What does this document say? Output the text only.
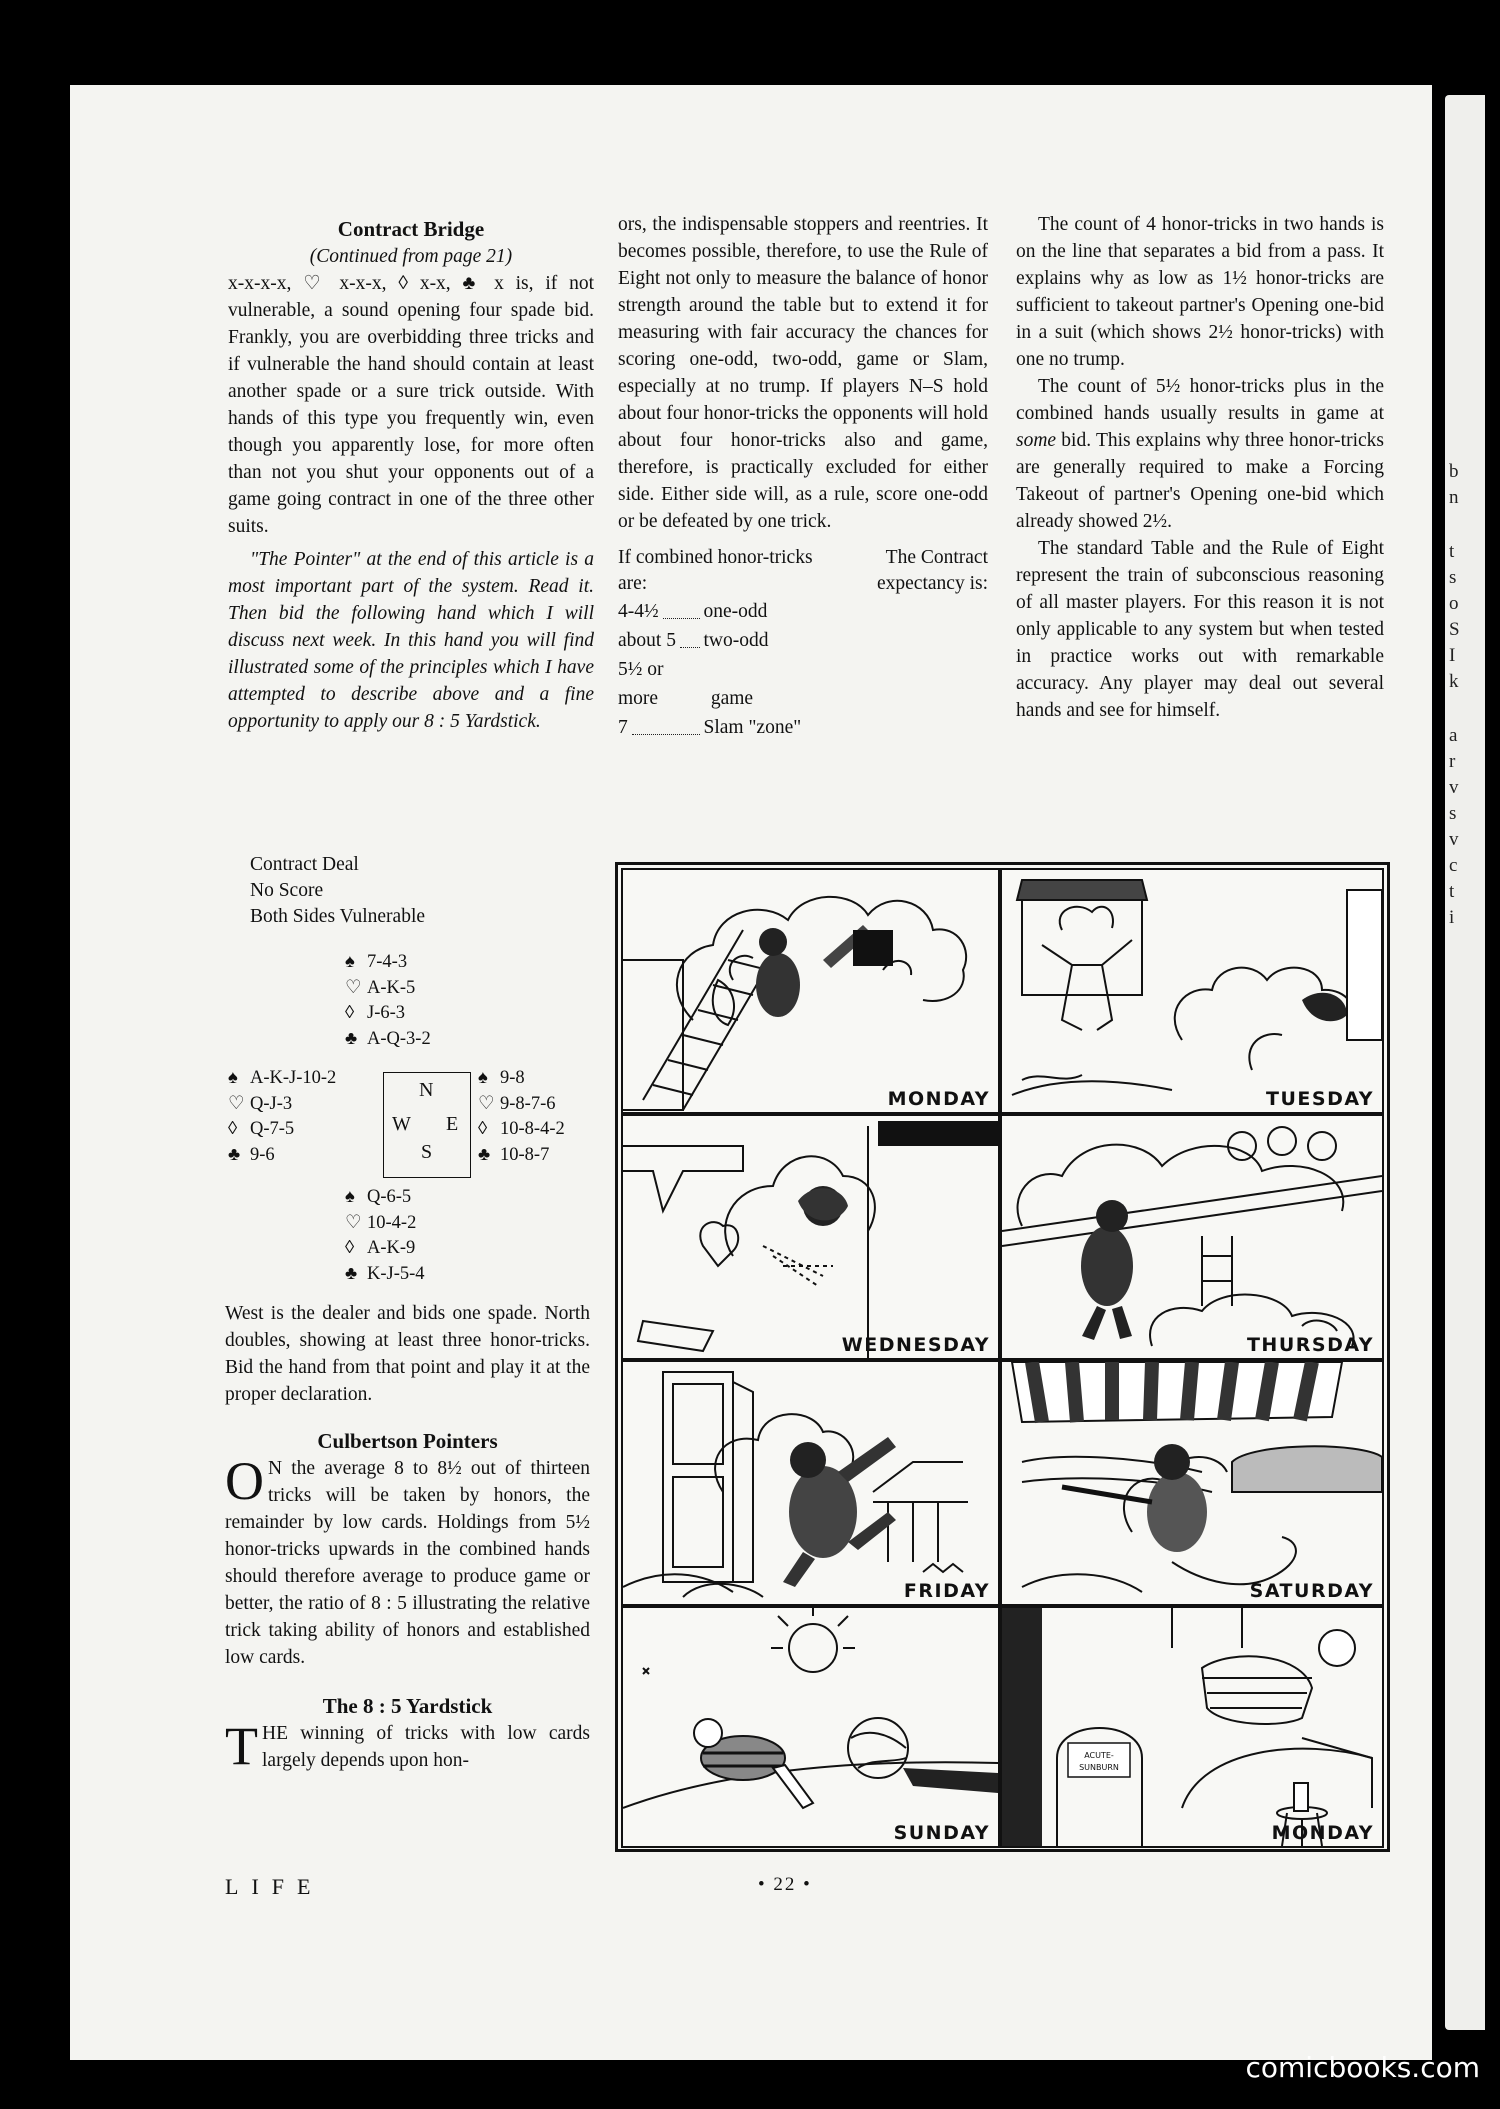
b
n
t
s
o
S
I
k
a
r
v
s
v
c
t
i

Contract Bridge

(Continued from page 21)

x-x-x-x, ♡ x-x-x, ◊ x-x, ♣ x is, if not vulnerable, a sound opening four spade bid. Frankly, you are overbidding three tricks and if vulnerable the hand should contain at least another spade or a sure trick outside. With hands of this type you frequently win, even though you apparently lose, for more often than not you shut your opponents out of a game going contract in one of the three other suits.

"The Pointer" at the end of this article is a most important part of the system. Read it. Then bid the following hand which I will discuss next week. In this hand you will find illustrated some of the principles which I have attempted to describe above and a fine opportunity to apply our 8 : 5 Yardstick.

Contract Deal
No Score
Both Sides Vulnerable
♠ 7-4-3
♡ A-K-5
◊ J-6-3
♣ A-Q-3-2
♠ A-K-J-10-2
♡ Q-J-3
◊ Q-7-5
♣ 9-6
N
W E
S
♠ 9-8
♡ 9-8-7-6
◊ 10-8-4-2
♣ 10-8-7
♠ Q-6-5
♡ 10-4-2
◊ A-K-9
♣ K-J-5-4

West is the dealer and bids one spade. North doubles, showing at least three honor-tricks. Bid the hand from that point and play it at the proper declaration.

Culbertson Pointers

O N the average 8 to 8½ out of thirteen tricks will be taken by honors, the remainder by low cards. Holdings from 5½ honor-tricks upwards in the combined hands should therefore average to produce game or better, the ratio of 8 : 5 illustrating the relative trick taking ability of honors and established low cards.

The 8 : 5 Yardstick

THE winning of tricks with low cards largely depends upon hon-

ors, the indispensable stoppers and reentries. It becomes possible, therefore, to use the Rule of Eight not only to measure the balance of honor strength around the table but to extend it for measuring with fair accuracy the chances for scoring one-odd, two-odd, game or Slam, especially at no trump. If players N–S hold about four honor-tricks the opponents will hold about four honor-tricks also and game, therefore, is practically excluded for either side. Either side will, as a rule, score one-odd or be defeated by one trick.

If combined honor-tricks are:	The Contract expectancy is:

4-4½ one-odd

about 5 two-odd

5½ or more	game

7	Slam "zone"

The count of 4 honor-tricks in two hands is on the line that separates a bid from a pass. It explains why as low as 1½ honor-tricks are sufficient to takeout partner's Opening one-bid in a suit (which shows 2½ honor-tricks) with one no trump.

The count of 5½ honor-tricks plus in the combined hands usually results in game at some bid. This explains why three honor-tricks are generally required to make a Forcing Takeout of partner's Opening one-bid which already showed 2½.

The standard Table and the Rule of Eight represent the train of subconscious reasoning of all master players. For this reason it is not only applicable to any system but when tested in practice works out with remarkable accuracy. Any player may deal out several hands and see for himself.

MONDAY	TUESDAY
WEDNESDAY	THURSDAY
FRIDAY	SATURDAY
SUNDAY
ACUTE-SUNBURN
MONDAY
LIFE	• 22 •
comicbooks.com
